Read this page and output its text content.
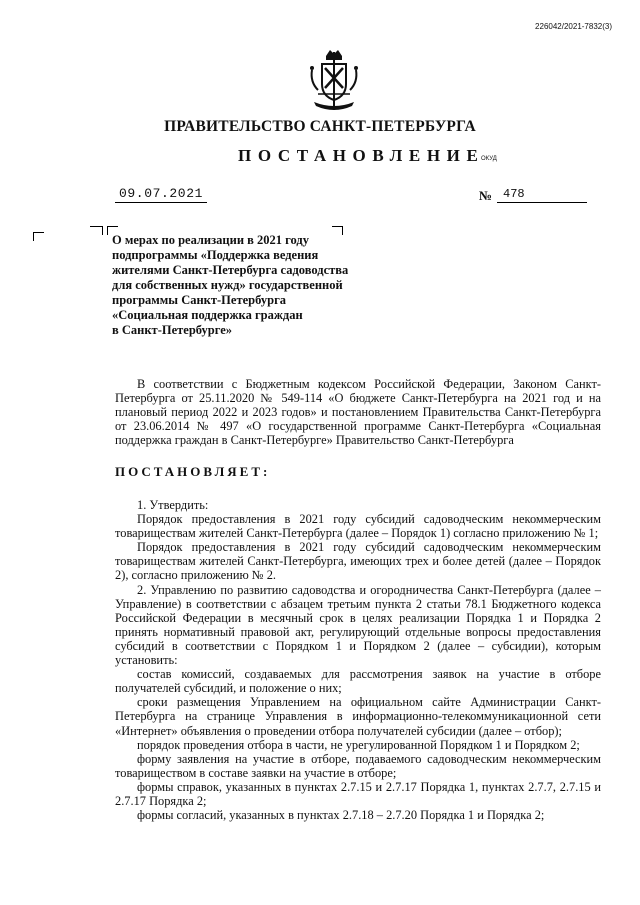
226042/2021-7832(3)
ПРАВИТЕЛЬСТВО САНКТ-ПЕТЕРБУРГА
ПОСТАНОВЛЕНИЕ
ОКУД
09.07.2021	№ 478
О мерах по реализации в 2021 году
подпрограммы «Поддержка ведения
жителями Санкт-Петербурга садоводства
для собственных нужд» государственной
программы Санкт-Петербурга
«Социальная поддержка граждан
в Санкт-Петербурге»
В соответствии с Бюджетным кодексом Российской Федерации, Законом Санкт-Петербурга от 25.11.2020 № 549-114 «О бюджете Санкт-Петербурга на 2021 год и на плановый период 2022 и 2023 годов» и постановлением Правительства Санкт-Петербурга от 23.06.2014 № 497 «О государственной программе Санкт-Петербурга «Социальная поддержка граждан в Санкт-Петербурге» Правительство Санкт-Петербурга
ПОСТАНОВЛЯЕТ:
1. Утвердить:
Порядок предоставления в 2021 году субсидий садоводческим некоммерческим товариществам жителей Санкт-Петербурга (далее – Порядок 1) согласно приложению № 1;
Порядок предоставления в 2021 году субсидий садоводческим некоммерческим товариществам жителей Санкт-Петербурга, имеющих трех и более детей (далее – Порядок 2), согласно приложению № 2.
2. Управлению по развитию садоводства и огородничества Санкт-Петербурга (далее – Управление) в соответствии с абзацем третьим пункта 2 статьи 78.1 Бюджетного кодекса Российской Федерации в месячный срок в целях реализации Порядка 1 и Порядка 2 принять нормативный правовой акт, регулирующий отдельные вопросы предоставления субсидий в соответствии с Порядком 1 и Порядком 2 (далее – субсидии), которым установить:
состав комиссий, создаваемых для рассмотрения заявок на участие в отборе получателей субсидий, и положение о них;
сроки размещения Управлением на официальном сайте Администрации Санкт-Петербурга на странице Управления в информационно-телекоммуникационной сети «Интернет» объявления о проведении отбора получателей субсидии (далее – отбор);
порядок проведения отбора в части, не урегулированной Порядком 1 и Порядком 2;
форму заявления на участие в отборе, подаваемого садоводческим некоммерческим товариществом в составе заявки на участие в отборе;
формы справок, указанных в пунктах 2.7.15 и 2.7.17 Порядка 1, пунктах 2.7.7, 2.7.15 и 2.7.17 Порядка 2;
формы согласий, указанных в пунктах 2.7.18 – 2.7.20 Порядка 1 и Порядка 2;
